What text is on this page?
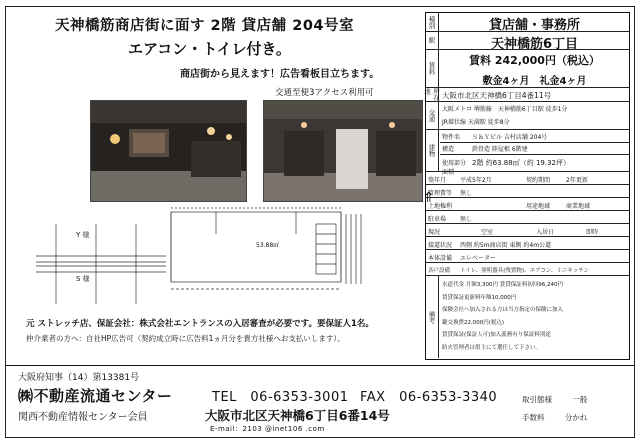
天神橋筋商店街に面す 2階 貸店舗 204号室
エアコン・トイレ付き。
商店街から見えます！広告看板目立ちます。
交通至便3アクセス利用可
Y 様
S 様
53.88㎡
⇑
元 ストレッチ店、保証会社：株式会社エントランスの入居審査が必要です。要保証人1名。
仲介業者の方へ：自社HP広告可（契約成立時に広告料1ヵ月分を貴方社様へお支払いします）。
種別	貸店舗・事務所
駅	天神橋筋6丁目
賃料
賃料 242,000円（税込）
敷金4ヶ月　礼金4ヶ月
所在地	大阪市北区天神橋6丁目4番11号
交通	大阪メトロ 堺筋線　天神橋筋6丁目駅 徒歩1分
JR環状線 天満駅 徒歩8分
建物
物件名 Ｓ＆Ｙビル 吉村店舗 204号
構造	鉄骨造 陸屋根 6階建
使用部分面積
2階 約63.88㎡（約 19.32坪）
築年月 平成5年2月	契約期間	2年更新
管理費等 無し
土地権利	用途地域	商業地域
駐車場 無し
現況	空室	入居日	即時
接道状況 西側 約5m商店街 東側 約4m公道
本体設備 エレベーター
各戸設備 トイレ、照明器具(残置物)、エアコン、ミニキッチン
備考
水道代金 月額3,300円 賃貸保証料初回96,240円
賃貸保証更新料年額10,000円
保険会社へ加入される方は当方指定の保険に加入
鍵交換費22,000円(税込)
賃貸保証(保証人可)加入義務有り保証料別途
防火管理者は借主にて選任して下さい。
大阪府知事（14）第13381号
㈱不動産流通センター
関西不動産情報センター会員
TEL　06-6353-3001 FAX　06-6353-3340
大阪市北区天神橋6丁目6番14号
E-mail：2103 @inet106 .com
取引態様	一般
手数料	分かれ
